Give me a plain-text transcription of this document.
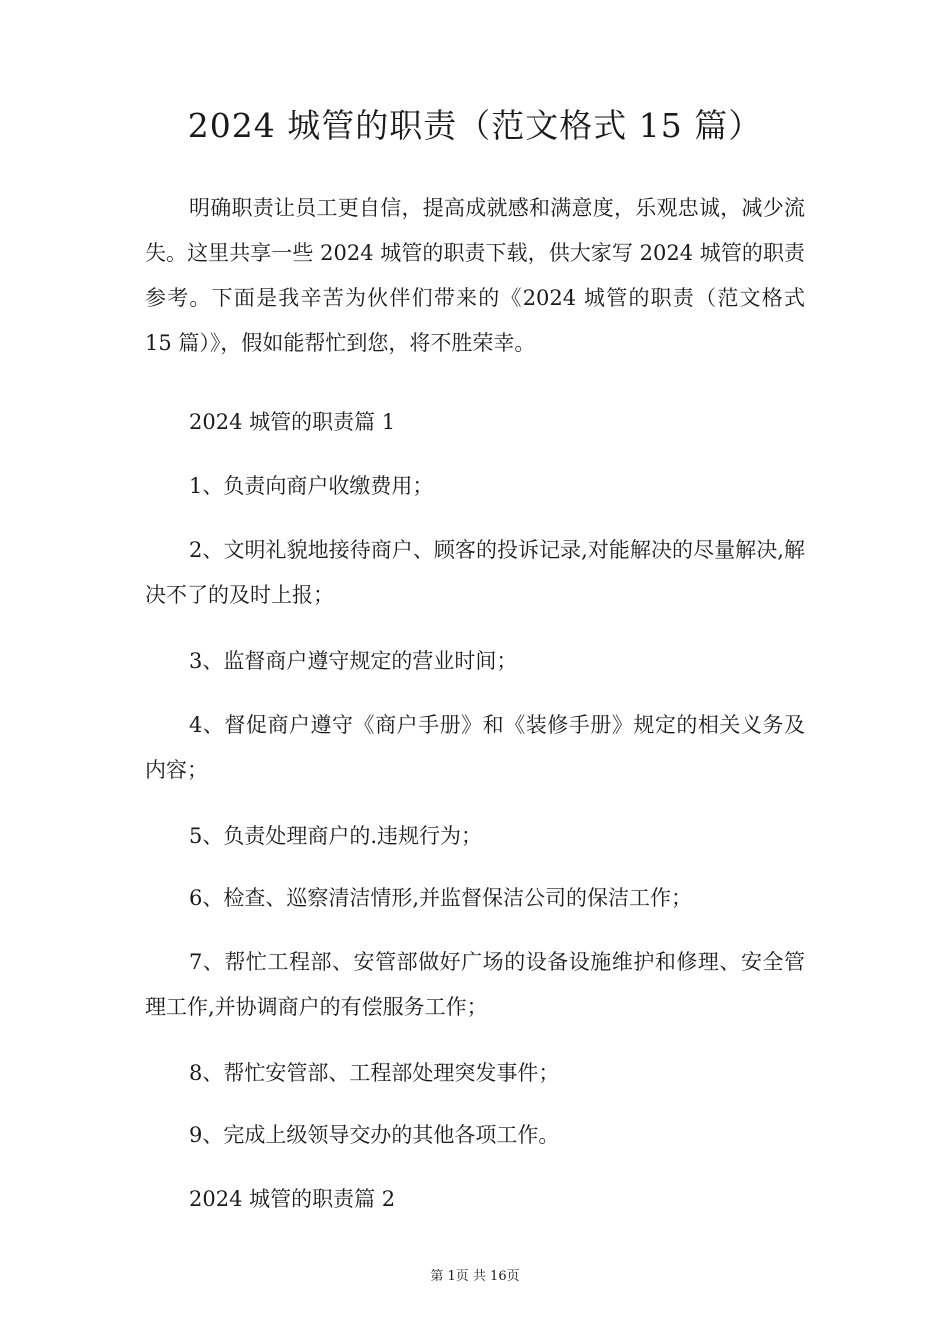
2024 城管的职责（范文格式 15 篇）

明确职责让员工更自信，提高成就感和满意度，乐观忠诚，减少流失。这里共享一些 2024 城管的职责下载，供大家写 2024 城管的职责参考。下面是我辛苦为伙伴们带来的《2024 城管的职责（范文格式 15 篇）》，假如能帮忙到您，将不胜荣幸。

2024 城管的职责篇 1

1、负责向商户收缴费用；

2、文明礼貌地接待商户、顾客的投诉记录,对能解决的尽量解决,解决不了的及时上报；

3、监督商户遵守规定的营业时间；

4、督促商户遵守《商户手册》和《装修手册》规定的相关义务及内容；

5、负责处理商户的.违规行为；

6、检查、巡察清洁情形,并监督保洁公司的保洁工作；

7、帮忙工程部、安管部做好广场的设备设施维护和修理、安全管理工作,并协调商户的有偿服务工作；

8、帮忙安管部、工程部处理突发事件；

9、完成上级领导交办的其他各项工作。

2024 城管的职责篇 2

第 1页 共 16页
